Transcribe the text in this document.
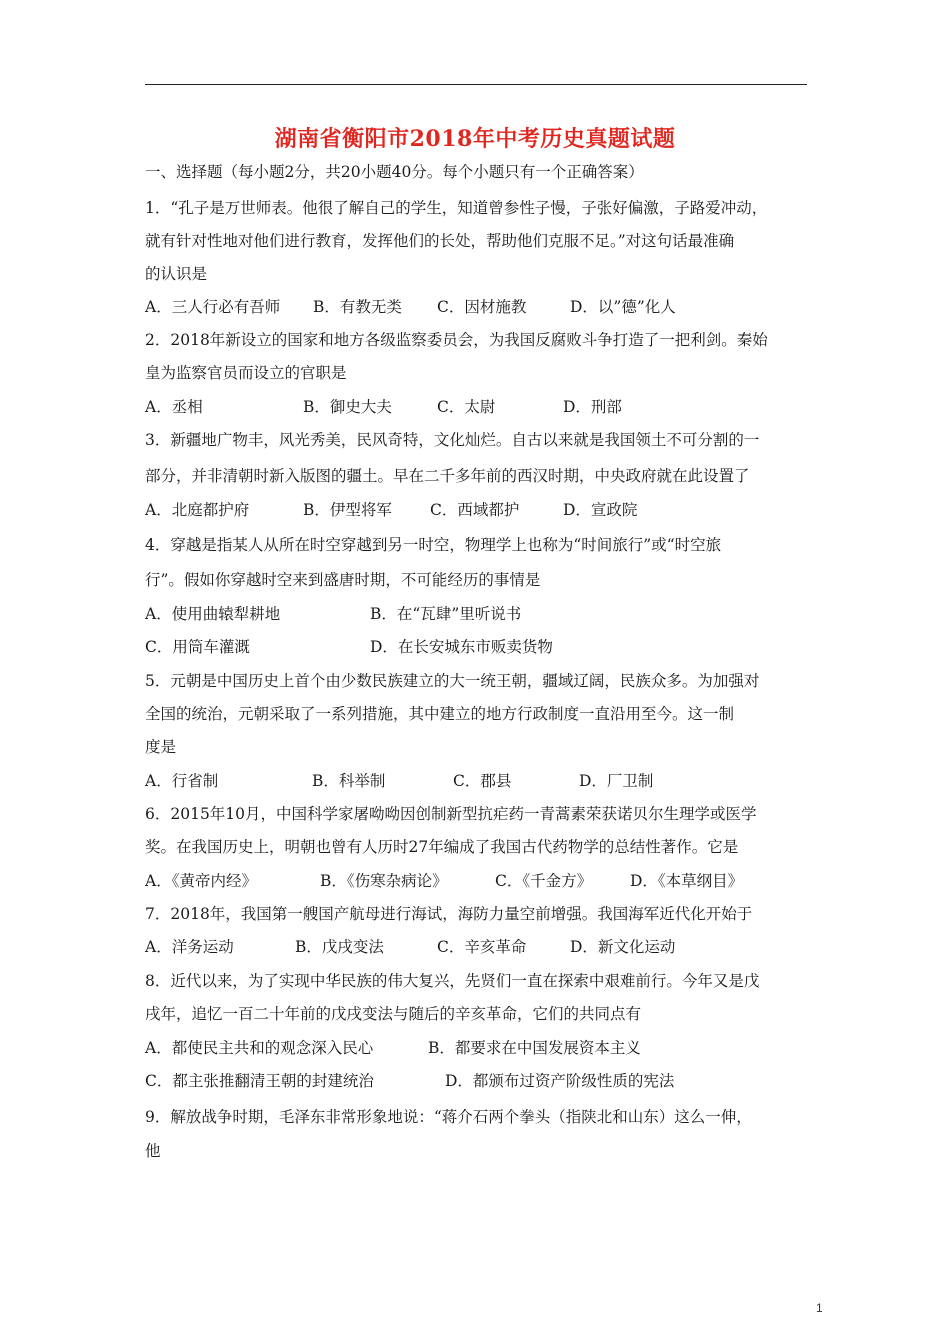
湖南省衡阳市2018年中考历史真题试题
一、选择题（每小题2分，共20小题40分。每个小题只有一个正确答案）
1．“孔子是万世师表。他很了解自己的学生，知道曾参性子慢，子张好偏激，子路爱冲动，
就有针对性地对他们进行教育，发挥他们的长处，帮助他们克服不足。”对这句话最准确
的认识是
A．三人行必有吾师 B．有教无类 C．因材施教	D．以”德”化人
2．2018年新设立的国家和地方各级监察委员会，为我国反腐败斗争打造了一把利剑。秦始
皇为监察官员而设立的官职是
A．丞相	B．御史大夫	C．太尉	D．刑部
3．新疆地广物丰，风光秀美，民风奇特，文化灿烂。自古以来就是我国领土不可分割的一
部分，并非清朝时新入版图的疆土。早在二千多年前的西汉时期，中央政府就在此设置了
A．北庭都护府	B．伊型将军 C．西域都护	D．宣政院
4．穿越是指某人从所在时空穿越到另一时空，物理学上也称为“时间旅行”或“时空旅
行”。假如你穿越时空来到盛唐时期，不可能经历的事情是
A．使用曲辕犁耕地	B．在“瓦肆”里听说书
C．用筒车灌溉	D．在长安城东市贩卖货物
5．元朝是中国历史上首个由少数民族建立的大一统王朝，疆域辽阔，民族众多。为加强对
全国的统治，元朝采取了一系列措施，其中建立的地方行政制度一直沿用至今。这一制
度是
A．行省制	B．科举制	C．郡县	D．厂卫制
6．2015年10月，中国科学家屠呦呦因创制新型抗疟药一青蒿素荣获诺贝尔生理学或医学
奖。在我国历史上，明朝也曾有人历时27年编成了我国古代药物学的总结性著作。它是
A．《黄帝内经》	B．《伤寒杂病论》	C．《千金方》 D．《本草纲目》
7．2018年，我国第一艘国产航母进行海试，海防力量空前增强。我国海军近代化开始于
A．洋务运动	B．戊戌变法	C．辛亥革命	D．新文化运动
8．近代以来，为了实现中华民族的伟大复兴，先贤们一直在探索中艰难前行。今年又是戊
戌年，追忆一百二十年前的戊戌变法与随后的辛亥革命，它们的共同点有
A．都使民主共和的观念深入民心	B．都要求在中国发展资本主义
C．都主张推翻清王朝的封建统治	D．都颁布过资产阶级性质的宪法
9．解放战争时期，毛泽东非常形象地说：“蒋介石两个拳头（指陕北和山东）这么一伸，
他
1
